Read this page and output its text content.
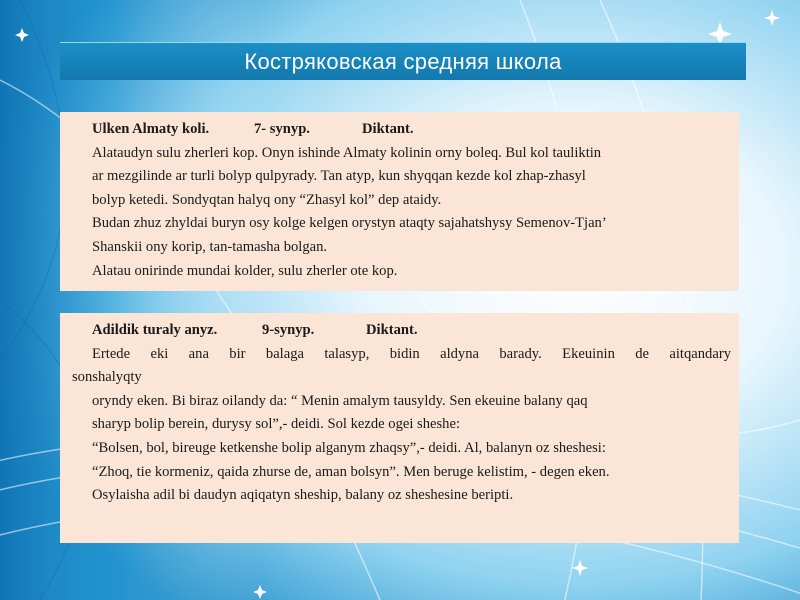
Костряковская средняя школа
Ulken Almaty koli.	7- synyp.	Diktant.
Alataudyn sulu zherleri kop. Onyn ishinde Almaty kolinin orny boleq. Bul kol tauliktin
ar mezgilinde ar turli bolyp qulpyrady. Tan atyp, kun shyqqan kezde kol zhap-zhasyl
bolyp ketedi. Sondyqtan halyq ony “Zhasyl kol” dep ataidy.
Budan zhuz zhyldai buryn osy kolge kelgen orystyn ataqty sajahatshysy Semenov-Tjan’
Shanskii ony korip, tan-tamasha bolgan.
Alatau onirinde mundai kolder, sulu zherler ote kop.
Adildik turaly anyz.	9-synyp.	Diktant.
Ertede eki ana bir balaga talasyp, bidin aldyna barady. Ekeuinin de aitqandary
sonshalyqty
oryndy eken. Bi biraz oilandy da: “ Menin amalym tausyldy. Sen ekeuine balany qaq
sharyp bolip berein, durysy sol”,- deidi. Sol kezde ogei sheshe:
“Bolsen, bol, bireuge ketkenshe bolip alganym zhaqsy”,- deidi. Al, balanyn oz sheshesi:
“Zhoq, tie kormeniz, qaida zhurse de, aman bolsyn”. Men beruge kelistim, - degen eken.
Osylaisha adil bi daudyn aqiqatyn sheship, balany oz sheshesine beripti.
